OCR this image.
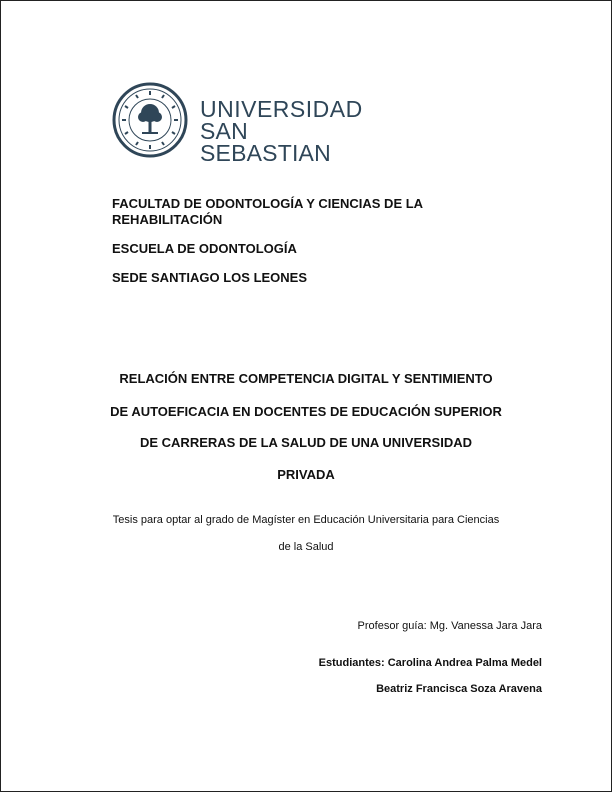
UNIVERSIDAD
SAN SEBASTIAN
FACULTAD DE ODONTOLOGÍA Y CIENCIAS DE LA REHABILITACIÓN
ESCUELA DE ODONTOLOGÍA
SEDE SANTIAGO LOS LEONES
RELACIÓN ENTRE COMPETENCIA DIGITAL Y SENTIMIENTO
DE AUTOEFICACIA EN DOCENTES DE EDUCACIÓN SUPERIOR
DE CARRERAS DE LA SALUD DE UNA UNIVERSIDAD
PRIVADA
Tesis para optar al grado de Magíster en Educación Universitaria para Ciencias
de la Salud
Profesor guía: Mg. Vanessa Jara Jara
Estudiantes: Carolina Andrea Palma Medel
Beatriz Francisca Soza Aravena
